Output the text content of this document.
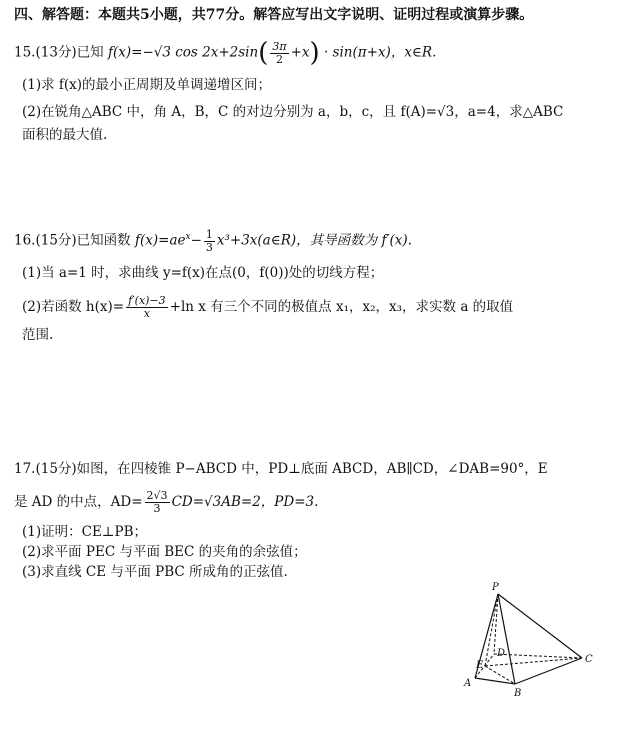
四、解答题：本题共5小题，共77分。解答应写出文字说明、证明过程或演算步骤。
15.(13分)已知 f(x)=−√3 $\cos 2x+2\sin( \frac{3\pi}{2} +x) \cdot \sin(\pi+x)$，x∈R.
(1)求 f(x)的最小正周期及单调递增区间；
(2)在锐角△ABC 中，角 A，B，C 的对边分别为 a，b，c，且 f(A)=√3，a=4，求△ABC
面积的最大值.
16.(15分)已知函数 $f(x)=ae^x- \frac{1}{3}$ x³+3x(a∈R)，其导函数为 f′(x).
(1)当 a=1 时，求曲线 y=f(x)在点(0，f(0))处的切线方程；
(2)若函数 $h(x)= \frac{f'(x)-3}{x} +\ln$ x 有三个不同的极值点 x₁，x₂，x₃，求实数 a 的取值
范围.
17.(15分)如图，在四棱锥 P−ABCD 中，PD⊥底面 ABCD，AB∥CD，∠DAB=90°，E
是 AD 的中点，$AD= \frac{2√3}{3} CD=√3AB=2$，PD=3.
(1)证明：CE⊥PB；
(2)求平面 PEC 与平面 BEC 的夹角的余弦值；
(3)求直线 CE 与平面 PBC 所成角的正弦值.
P
A
B
C
D
E
